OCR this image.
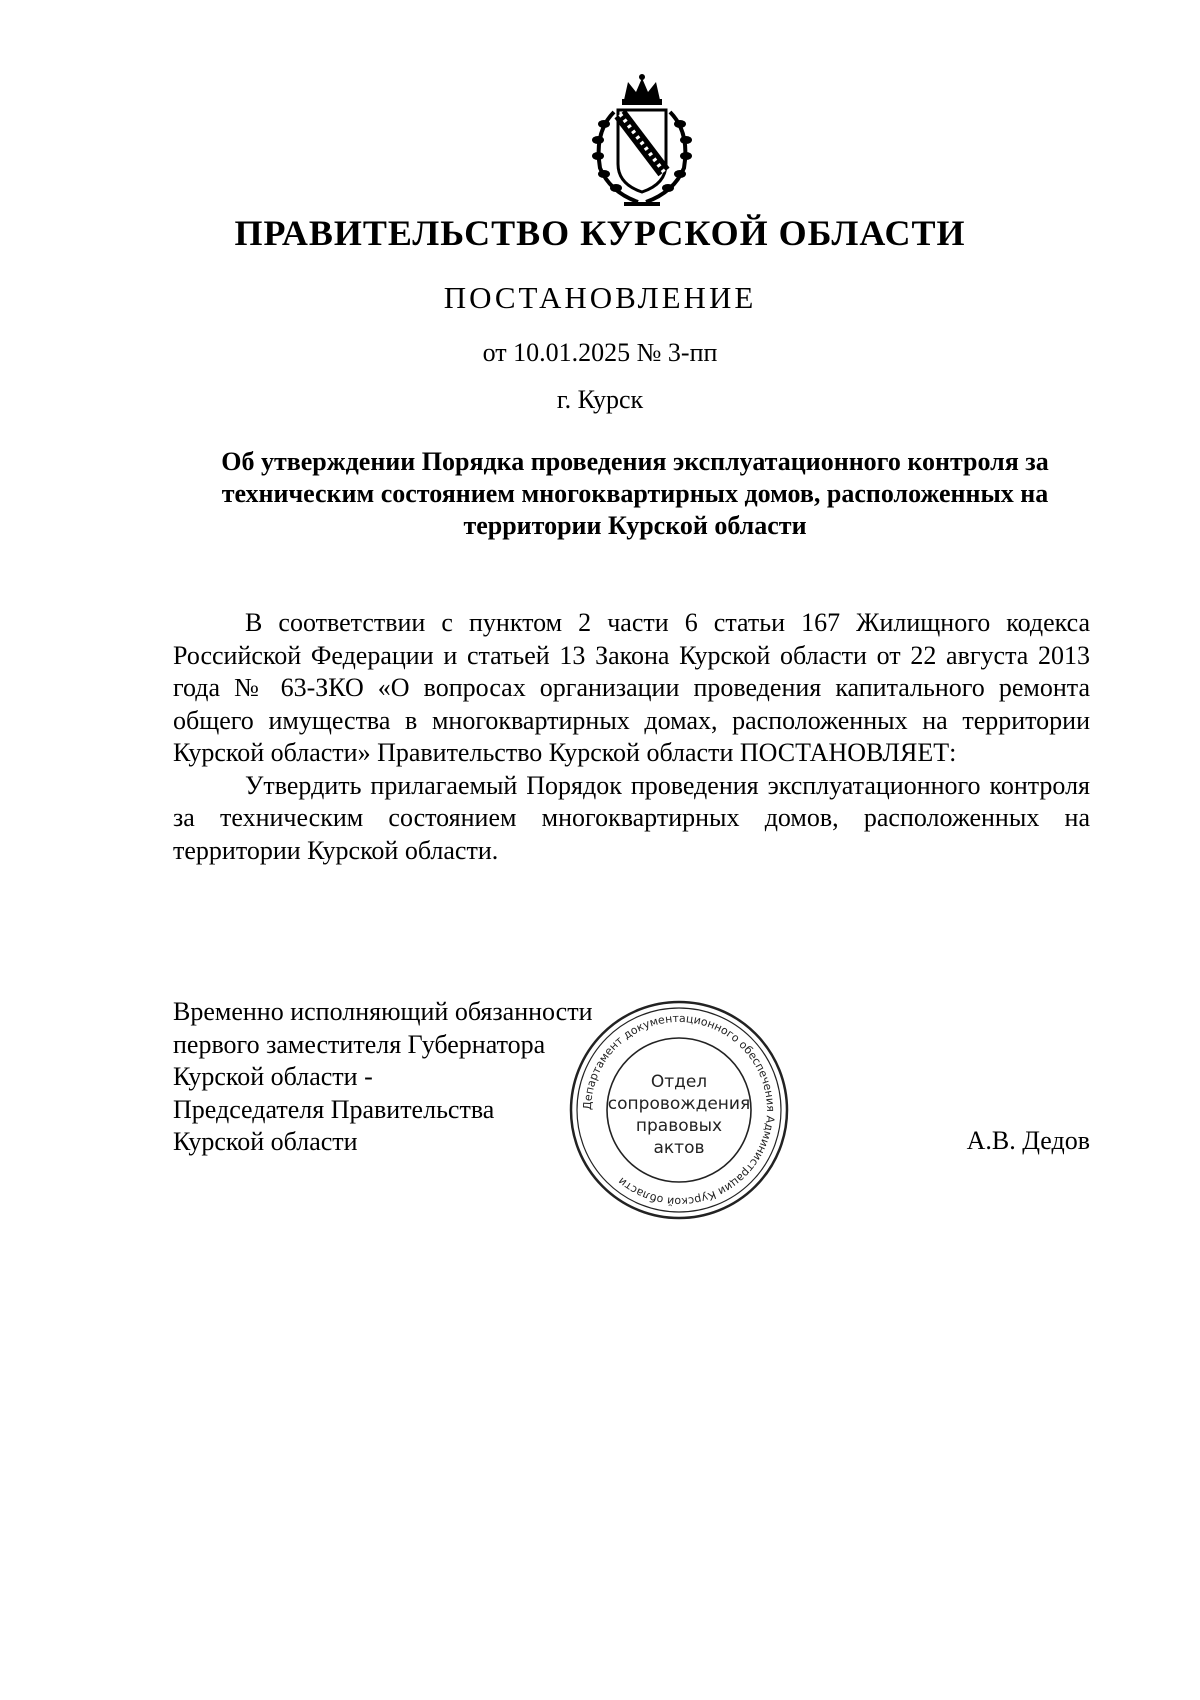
ПРАВИТЕЛЬСТВО КУРСКОЙ ОБЛАСТИ
ПОСТАНОВЛЕНИЕ
от 10.01.2025 № 3-пп
г. Курск
Об утверждении Порядка проведения эксплуатационного контроля за
техническим состоянием многоквартирных домов, расположенных на
территории Курской области

В соответствии с пунктом 2 части 6 статьи 167 Жилищного кодекса Российской Федерации и статьей 13 Закона Курской области от 22 августа 2013 года № 63-ЗКО «О вопросах организации проведения капитального ремонта общего имущества в многоквартирных домах, расположенных на территории Курской области» Правительство Курской области ПОСТАНОВЛЯЕТ:

Утвердить прилагаемый Порядок проведения эксплуатационного контроля за техническим состоянием многоквартирных домов, расположенных на территории Курской области.

Временно исполняющий обязанности
первого заместителя Губернатора
Курской области -
Председателя Правительства
Курской области	А.В. Дедов
Департамент документационного обеспечения Администрации Курской области
Отдел
сопровождения
правовых
актов
